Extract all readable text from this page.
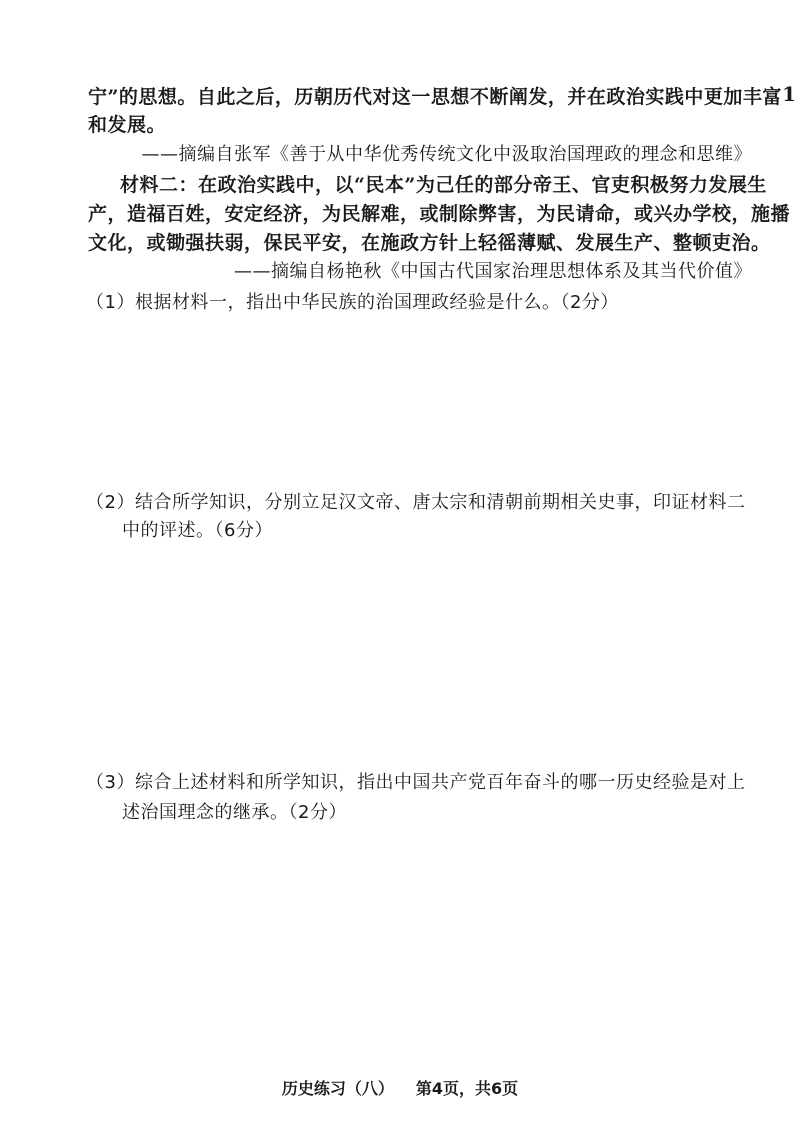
1
宁”的思想。自此之后，历朝历代对这一思想不断阐发，并在政治实践中更加丰富
和发展。
——摘编自张军《善于从中华优秀传统文化中汲取治国理政的理念和思维》
材料二：在政治实践中，以“民本”为己任的部分帝王、官吏积极努力发展生
产，造福百姓，安定经济，为民解难，或制除弊害，为民请命，或兴办学校，施播
文化，或锄强扶弱，保民平安，在施政方针上轻徭薄赋、发展生产、整顿吏治。
——摘编自杨艳秋《中国古代国家治理思想体系及其当代价值》
（1）根据材料一，指出中华民族的治国理政经验是什么。（2分）
（2）结合所学知识，分别立足汉文帝、唐太宗和清朝前期相关史事，印证材料二
中的评述。（6分）
（3）综合上述材料和所学知识，指出中国共产党百年奋斗的哪一历史经验是对上
述治国理念的继承。（2分）
历史练习（八） 第4页，共6页
